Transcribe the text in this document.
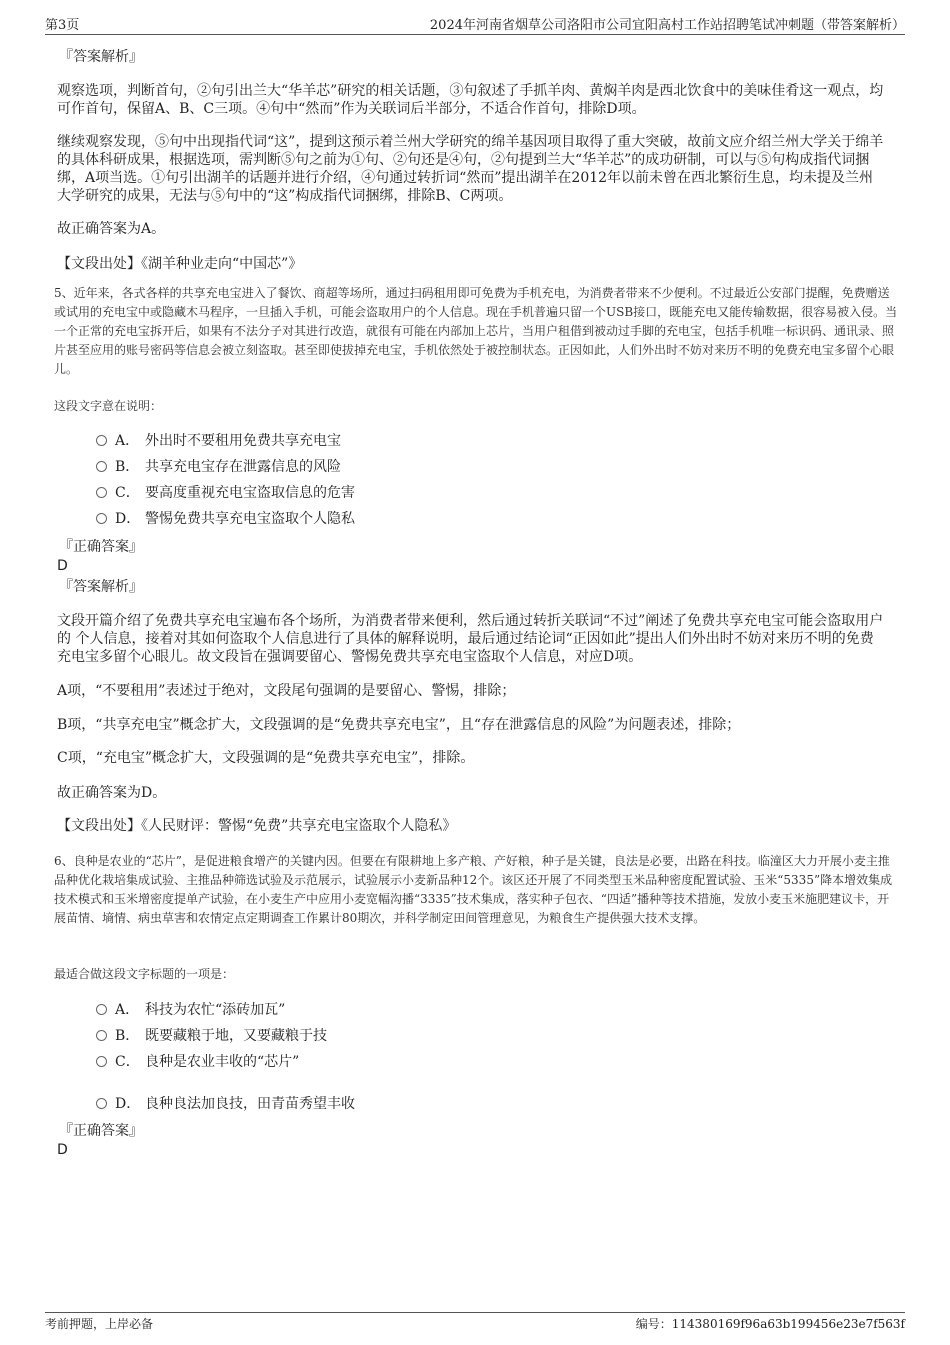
第3页	2024年河南省烟草公司洛阳市公司宜阳高村工作站招聘笔试冲刺题（带答案解析）
『答案解析』
观察选项，判断首句，②句引出兰大“华羊芯”研究的相关话题，③句叙述了手抓羊肉、黄焖羊肉是西北饮食中的美味佳肴这一观点，均可作首句，保留A、B、C三项。④句中“然而”作为关联词后半部分，不适合作首句，排除D项。
继续观察发现，⑤句中出现指代词“这”，提到这预示着兰州大学研究的绵羊基因项目取得了重大突破，故前文应介绍兰州大学关于绵羊的具体科研成果，根据选项，需判断⑤句之前为①句、②句还是④句，②句提到兰大“华羊芯”的成功研制，可以与⑤句构成指代词捆绑，A项当选。①句引出湖羊的话题并进行介绍，④句通过转折词“然而”提出湖羊在2012年以前未曾在西北繁衍生息，均未提及兰州大学研究的成果，无法与⑤句中的“这”构成指代词捆绑，排除B、C两项。
故正确答案为A。
【文段出处】《湖羊种业走向“中国芯”》
5、近年来，各式各样的共享充电宝进入了餐饮、商超等场所，通过扫码租用即可免费为手机充电，为消费者带来不少便利。不过最近公安部门提醒，免费赠送或试用的充电宝中或隐藏木马程序，一旦插入手机，可能会盗取用户的个人信息。现在手机普遍只留一个USB接口，既能充电又能传输数据，很容易被入侵。当一个正常的充电宝拆开后，如果有不法分子对其进行改造，就很有可能在内部加上芯片，当用户租借到被动过手脚的充电宝，包括手机唯一标识码、通讯录、照片甚至应用的账号密码等信息会被立刻盗取。甚至即使拔掉充电宝，手机依然处于被控制状态。正因如此，人们外出时不妨对来历不明的免费充电宝多留个心眼儿。
这段文字意在说明：
A． 外出时不要租用免费共享充电宝
B． 共享充电宝存在泄露信息的风险
C． 要高度重视充电宝盗取信息的危害
D． 警惕免费共享充电宝盗取个人隐私
『正确答案』
D
『答案解析』
文段开篇介绍了免费共享充电宝遍布各个场所，为消费者带来便利，然后通过转折关联词“不过”阐述了免费共享充电宝可能会盗取用户 的 个人信息，接着对其如何盗取个人信息进行了具体的解释说明，最后通过结论词“正因如此”提出人们外出时不妨对来历不明的免费充电宝多留个心眼儿。故文段旨在强调要留心、警惕免费共享充电宝盗取个人信息，对应D项。
A项，“不要租用”表述过于绝对，文段尾句强调的是要留心、警惕，排除；
B项，“共享充电宝”概念扩大，文段强调的是“免费共享充电宝”，且“存在泄露信息的风险”为问题表述，排除；
C项，“充电宝”概念扩大，文段强调的是“免费共享充电宝”，排除。
故正确答案为D。
【文段出处】《人民财评：警惕“免费”共享充电宝盗取个人隐私》
6、良种是农业的“芯片”，是促进粮食增产的关键内因。但要在有限耕地上多产粮、产好粮，种子是关键，良法是必要，出路在科技。临潼区大力开展小麦主推品种优化栽培集成试验、主推品种筛选试验及示范展示，试验展示小麦新品种12个。该区还开展了不同类型玉米品种密度配置试验、玉米“5335”降本增效集成技术模式和玉米增密度提单产试验，在小麦生产中应用小麦宽幅沟播“3335”技术集成，落实种子包衣、“四适”播种等技术措施，发放小麦玉米施肥建议卡，开展苗情、墒情、病虫草害和农情定点定期调查工作累计80期次，并科学制定田间管理意见，为粮食生产提供强大技术支撑。
最适合做这段文字标题的一项是：
A． 科技为农忙“添砖加瓦”
B． 既要藏粮于地，又要藏粮于技
C． 良种是农业丰收的“芯片”
D． 良种良法加良技，田青苗秀望丰收
『正确答案』
D
考前押题，上岸必备	编号：114380169f96a63b199456e23e7f563f
